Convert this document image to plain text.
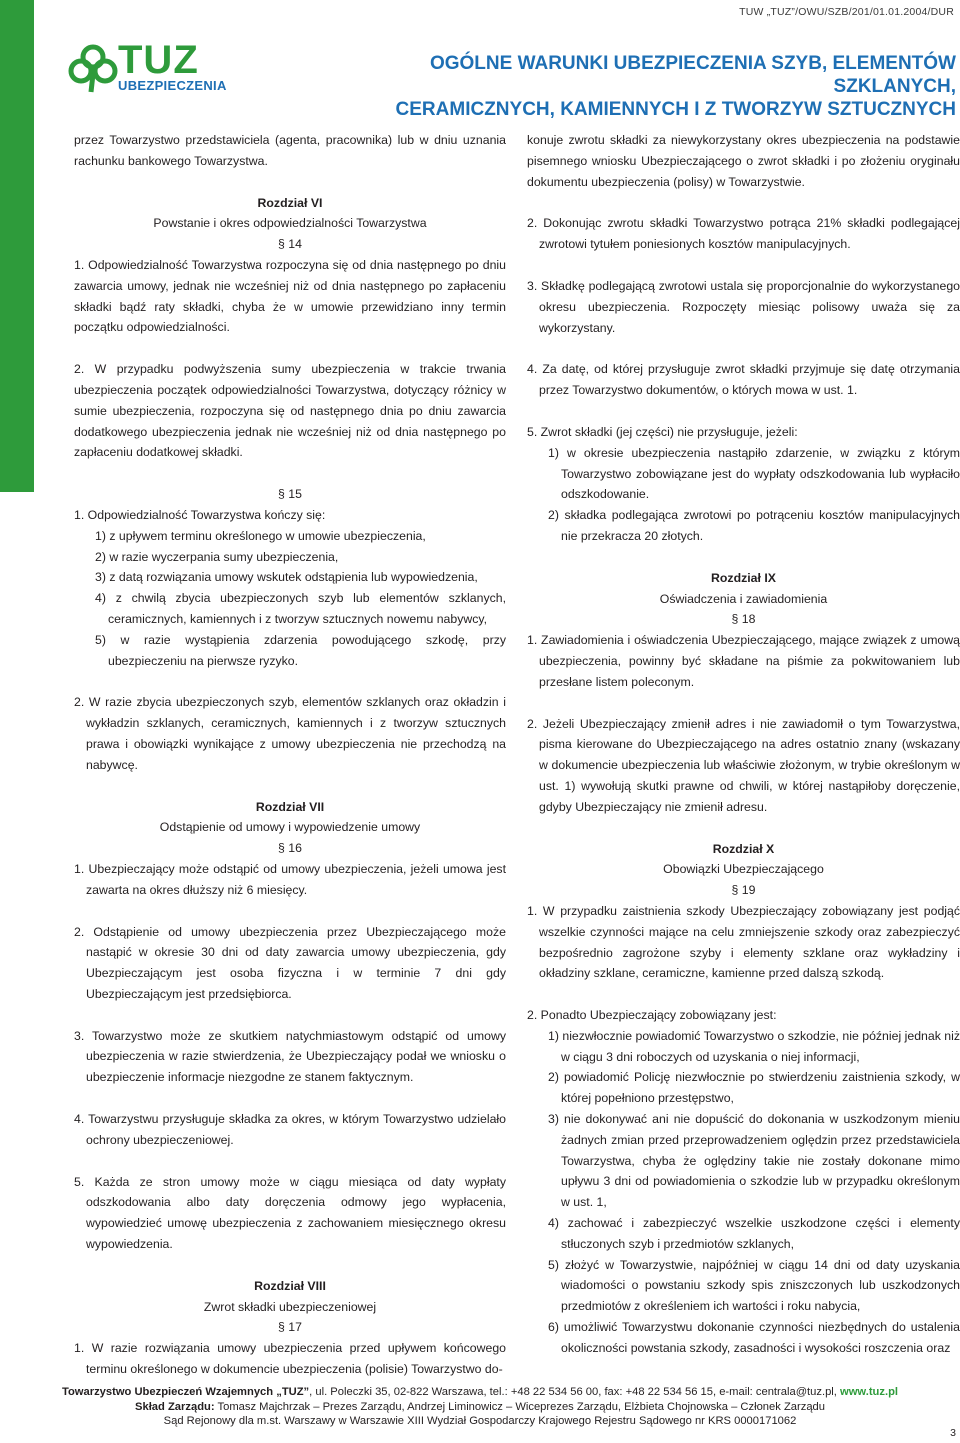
TUW „TUZ”/OWU/SZB/201/01.01.2004/DUR
TUZ
UBEZPIECZENIA
OGÓLNE WARUNKI UBEZPIECZENIA SZYB, ELEMENTÓW SZKLANYCH,
CERAMICZNYCH, KAMIENNYCH I Z TWORZYW SZTUCZNYCH

przez Towarzystwo przedstawiciela (agenta, pracownika) lub w dniu uznania rachunku bankowego Towarzystwa.

Rozdział VI

Powstanie i okres odpowiedzialności Towarzystwa

§ 14

1. Odpowiedzialność Towarzystwa rozpoczyna się od dnia następnego po dniu zawarcia umowy, jednak nie wcześniej niż od dnia następnego po zapłaceniu składki bądź raty składki, chyba że w umowie przewidziano inny termin początku odpowiedzialności.

2. W przypadku podwyższenia sumy ubezpieczenia w trakcie trwania ubezpieczenia początek odpowiedzialności Towarzystwa, dotyczący różnicy w sumie ubezpieczenia, rozpoczyna się od następnego dnia po dniu zawarcia dodatkowego ubezpieczenia jednak nie wcześniej niż od dnia następnego po zapłaceniu dodatkowej składki.

§ 15

1. Odpowiedzialność Towarzystwa kończy się:

1) z upływem terminu określonego w umowie ubezpieczenia,

2) w razie wyczerpania sumy ubezpieczenia,

3) z datą rozwiązania umowy wskutek odstąpienia lub wypowiedzenia,

4) z chwilą zbycia ubezpieczonych szyb lub elementów szklanych, ceramicznych, kamiennych i z tworzyw sztucznych nowemu nabywcy,

5) w razie wystąpienia zdarzenia powodującego szkodę, przy ubezpieczeniu na pierwsze ryzyko.

2. W razie zbycia ubezpieczonych szyb, elementów szklanych oraz okładzin i wykładzin szklanych, ceramicznych, kamiennych i z tworzyw sztucznych prawa i obowiązki wynikające z umowy ubezpieczenia nie przechodzą na nabywcę.

Rozdział VII

Odstąpienie od umowy i wypowiedzenie umowy

§ 16

1. Ubezpieczający może odstąpić od umowy ubezpieczenia, jeżeli umowa jest zawarta na okres dłuższy niż 6 miesięcy.

2. Odstąpienie od umowy ubezpieczenia przez Ubezpieczającego może nastąpić w okresie 30 dni od daty zawarcia umowy ubezpieczenia, gdy Ubezpieczającym jest osoba fizyczna i w terminie 7 dni gdy Ubezpieczającym jest przedsiębiorca.

3. Towarzystwo może ze skutkiem natychmiastowym odstąpić od umowy ubezpieczenia w razie stwierdzenia, że Ubezpieczający podał we wniosku o ubezpieczenie informacje niezgodne ze stanem faktycznym.

4. Towarzystwu przysługuje składka za okres, w którym Towarzystwo udzielało ochrony ubezpieczeniowej.

5. Każda ze stron umowy może w ciągu miesiąca od daty wypłaty odszkodowania albo daty doręczenia odmowy jego wypłacenia, wypowiedzieć umowę ubezpieczenia z zachowaniem miesięcznego okresu wypowiedzenia.

Rozdział VIII

Zwrot składki ubezpieczeniowej

§ 17

1. W razie rozwiązania umowy ubezpieczenia przed upływem końcowego terminu określonego w dokumencie ubezpieczenia (polisie) Towarzystwo do-

konuje zwrotu składki za niewykorzystany okres ubezpieczenia na podstawie pisemnego wniosku Ubezpieczającego o zwrot składki i po złożeniu oryginału dokumentu ubezpieczenia (polisy) w Towarzystwie.

2. Dokonując zwrotu składki Towarzystwo potrąca 21% składki podlegającej zwrotowi tytułem poniesionych kosztów manipulacyjnych.

3. Składkę podlegającą zwrotowi ustala się proporcjonalnie do wykorzystanego okresu ubezpieczenia. Rozpoczęty miesiąc polisowy uważa się za wykorzystany.

4. Za datę, od której przysługuje zwrot składki przyjmuje się datę otrzymania przez Towarzystwo dokumentów, o których mowa w ust. 1.

5. Zwrot składki (jej części) nie przysługuje, jeżeli:

1) w okresie ubezpieczenia nastąpiło zdarzenie, w związku z którym Towarzystwo zobowiązane jest do wypłaty odszkodowania lub wypłaciło odszkodowanie.

2) składka podlegająca zwrotowi po potrąceniu kosztów manipulacyjnych nie przekracza 20 złotych.

Rozdział IX

Oświadczenia i zawiadomienia

§ 18

1. Zawiadomienia i oświadczenia Ubezpieczającego, mające związek z umową ubezpieczenia, powinny być składane na piśmie za pokwitowaniem lub przesłane listem poleconym.

2. Jeżeli Ubezpieczający zmienił adres i nie zawiadomił o tym Towarzystwa, pisma kierowane do Ubezpieczającego na adres ostatnio znany (wskazany w dokumencie ubezpieczenia lub właściwie złożonym, w trybie określonym w ust. 1) wywołują skutki prawne od chwili, w której nastąpiłoby doręczenie, gdyby Ubezpieczający nie zmienił adresu.

Rozdział X

Obowiązki Ubezpieczającego

§ 19

1. W przypadku zaistnienia szkody Ubezpieczający zobowiązany jest podjąć wszelkie czynności mające na celu zmniejszenie szkody oraz zabezpieczyć bezpośrednio zagrożone szyby i elementy szklane oraz wykładziny i okładziny szklane, ceramiczne, kamienne przed dalszą szkodą.

2. Ponadto Ubezpieczający zobowiązany jest:

1) niezwłocznie powiadomić Towarzystwo o szkodzie, nie później jednak niż w ciągu 3 dni roboczych od uzyskania o niej informacji,

2) powiadomić Policję niezwłocznie po stwierdzeniu zaistnienia szkody, w której popełniono przestępstwo,

3) nie dokonywać ani nie dopuścić do dokonania w uszkodzonym mieniu żadnych zmian przed przeprowadzeniem oględzin przez przedstawiciela Towarzystwa, chyba że oględziny takie nie zostały dokonane mimo upływu 3 dni od powiadomienia o szkodzie lub w przypadku określonym w ust. 1,

4) zachować i zabezpieczyć wszelkie uszkodzone części i elementy stłuczonych szyb i przedmiotów szklanych,

5) złożyć w Towarzystwie, najpóźniej w ciągu 14 dni od daty uzyskania wiadomości o powstaniu szkody spis zniszczonych lub uszkodzonych przedmiotów z określeniem ich wartości i roku nabycia,

6) umożliwić Towarzystwu dokonanie czynności niezbędnych do ustalenia okoliczności powstania szkody, zasadności i wysokości roszczenia oraz

Towarzystwo Ubezpieczeń Wzajemnych „TUZ”, ul. Poleczki 35, 02-822 Warszawa, tel.: +48 22 534 56 00, fax: +48 22 534 56 15, e-mail: centrala@tuz.pl, www.tuz.pl
Skład Zarządu: Tomasz Majchrzak – Prezes Zarządu, Andrzej Liminowicz – Wiceprezes Zarządu, Elżbieta Chojnowska – Członek Zarządu
Sąd Rejonowy dla m.st. Warszawy w Warszawie XIII Wydział Gospodarczy Krajowego Rejestru Sądowego nr KRS 0000171062
3
